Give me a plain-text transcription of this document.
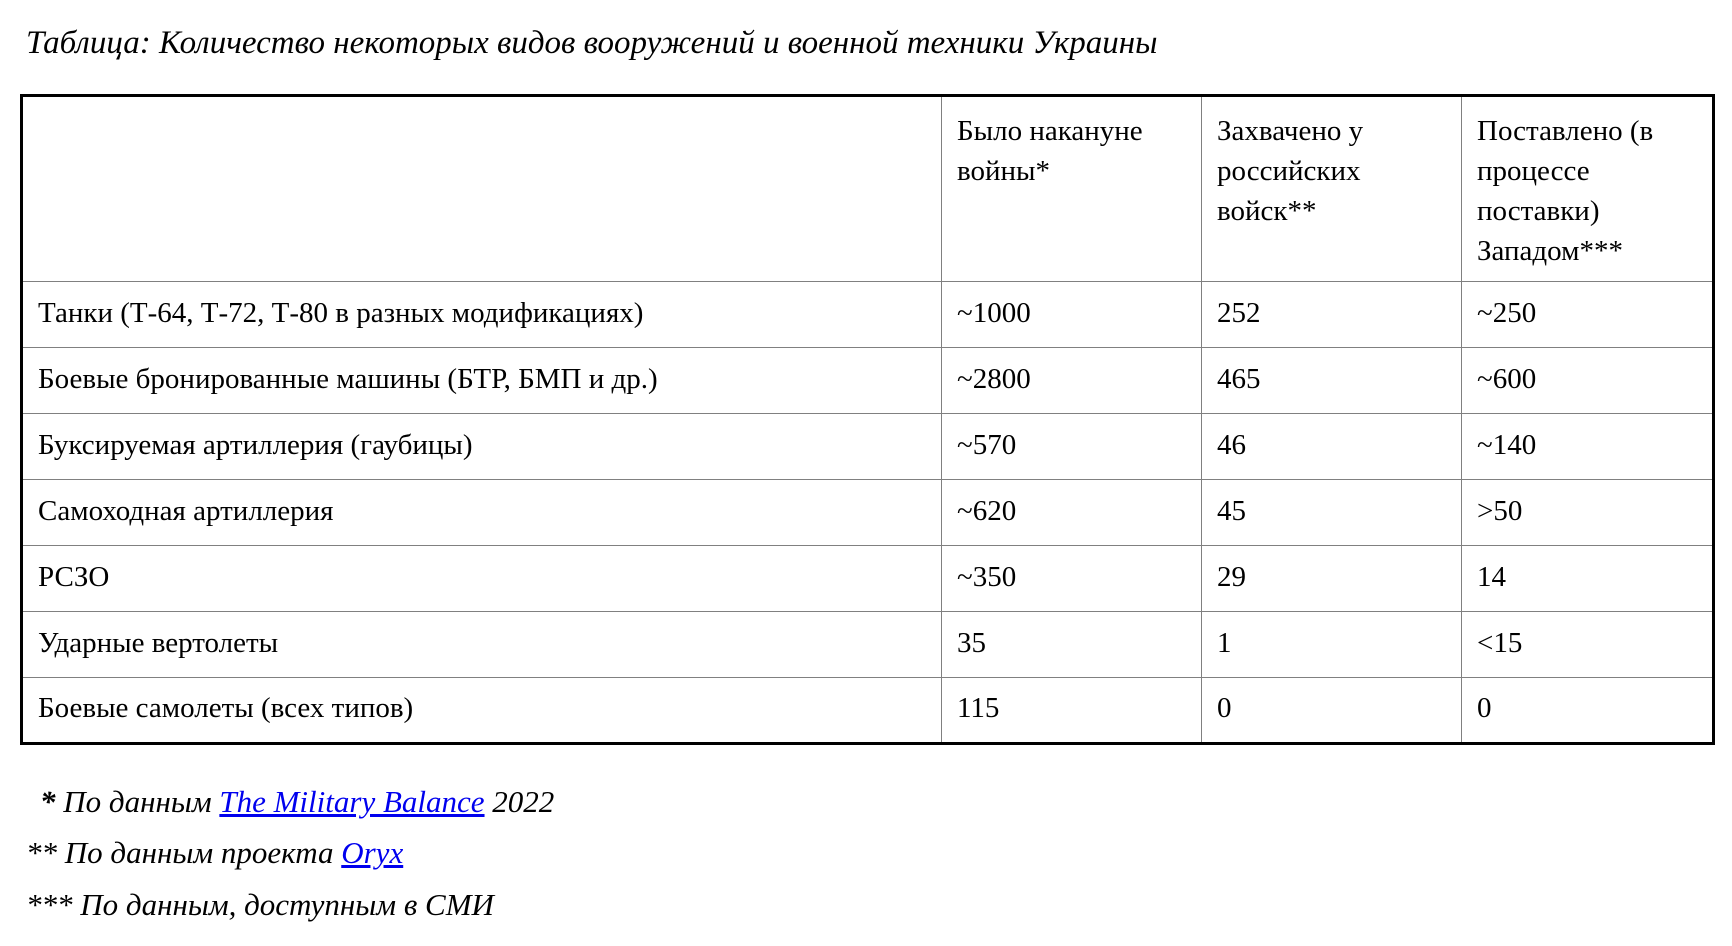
Таблица: Количество некоторых видов вооружений и военной техники Украины
	Было накануне войны*	Захвачено у российских войск**	Поставлено (в процессе поставки) Западом***
Танки (Т-64, Т-72, Т-80 в разных модификациях)	~1000	252	~250
Боевые бронированные машины (БТР, БМП и др.)	~2800	465	~600
Буксируемая артиллерия (гаубицы)	~570	46	~140
Самоходная артиллерия	~620	45	>50
РСЗО	~350	29	14
Ударные вертолеты	35	1	<15
Боевые самолеты (всех типов)	115	0	0

* По данным The Military Balance 2022

** По данным проекта Oryx

*** По данным, доступным в СМИ
